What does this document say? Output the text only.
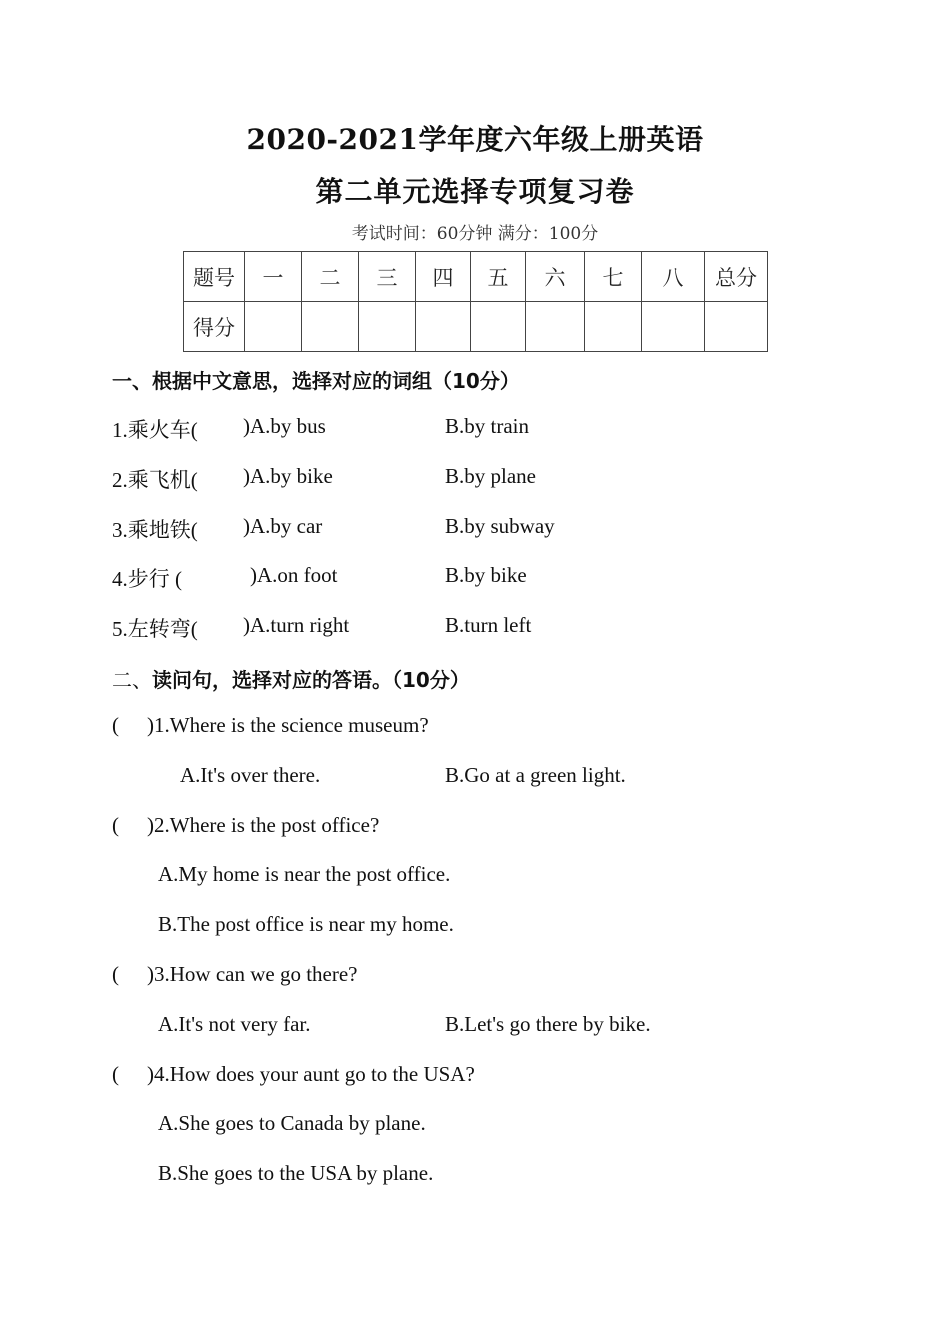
2020-2021学年度六年级上册英语
第二单元选择专项复习卷
考试时间：60分钟 满分：100分
题号	一	二	三	四	五	六	七	八	总分
得分									
一、根据中文意思，选择对应的词组（10分）
1.乘火车( )A.by bus	B.by train
2.乘飞机( )A.by bike	B.by plane
3.乘地铁( )A.by car	B.by subway
4.步行 (	)A.on foot	B.by bike
5.左转弯( )A.turn right	B.turn left
二、读问句，选择对应的答语。（10分）
( )1.Where is the science museum?
A.It's over there.	B.Go at a green light.
( )2.Where is the post office?
A.My home is near the post office.
B.The post office is near my home.
( )3.How can we go there?
A.It's not very far.	B.Let's go there by bike.
( )4.How does your aunt go to the USA?
A.She goes to Canada by plane.
B.She goes to the USA by plane.
